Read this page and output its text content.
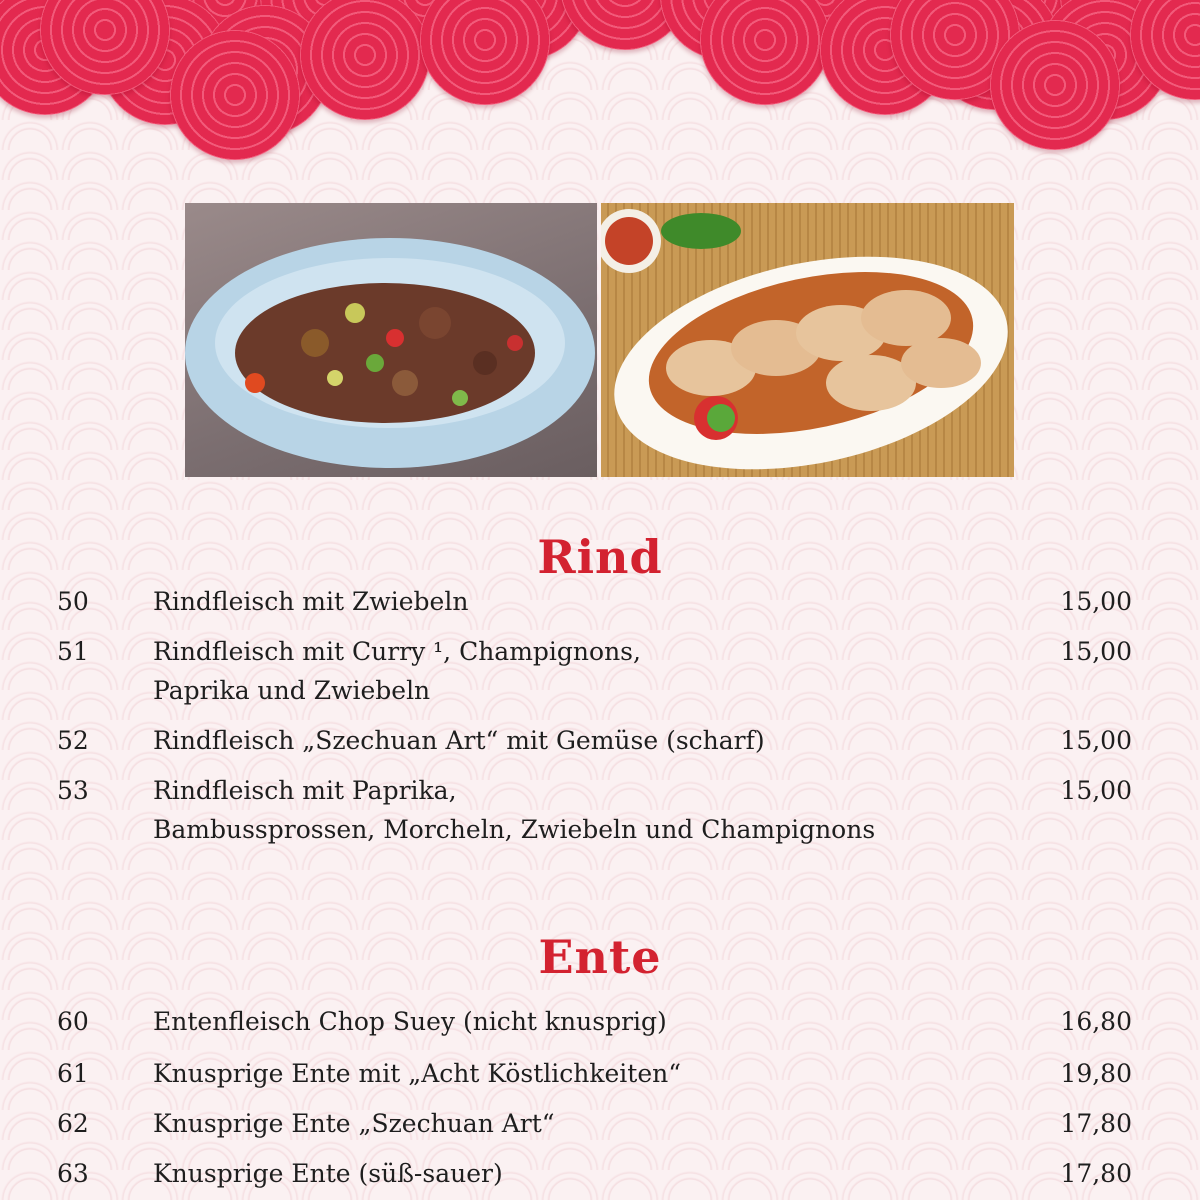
Rind
50	Rindfleisch mit Zwiebeln	15,00
51	Rindfleisch mit Curry ¹, Champignons,	15,00
Paprika und Zwiebeln
52	Rindfleisch „Szechuan Art“ mit Gemüse (scharf)	15,00
53	Rindfleisch mit Paprika,	15,00
Bambussprossen, Morcheln, Zwiebeln und Champignons
Ente
60	Entenfleisch Chop Suey (nicht knusprig)	16,80
61	Knusprige Ente mit „Acht Köstlichkeiten“	19,80
62	Knusprige Ente „Szechuan Art“	17,80
63	Knusprige Ente (süß-sauer)	17,80
